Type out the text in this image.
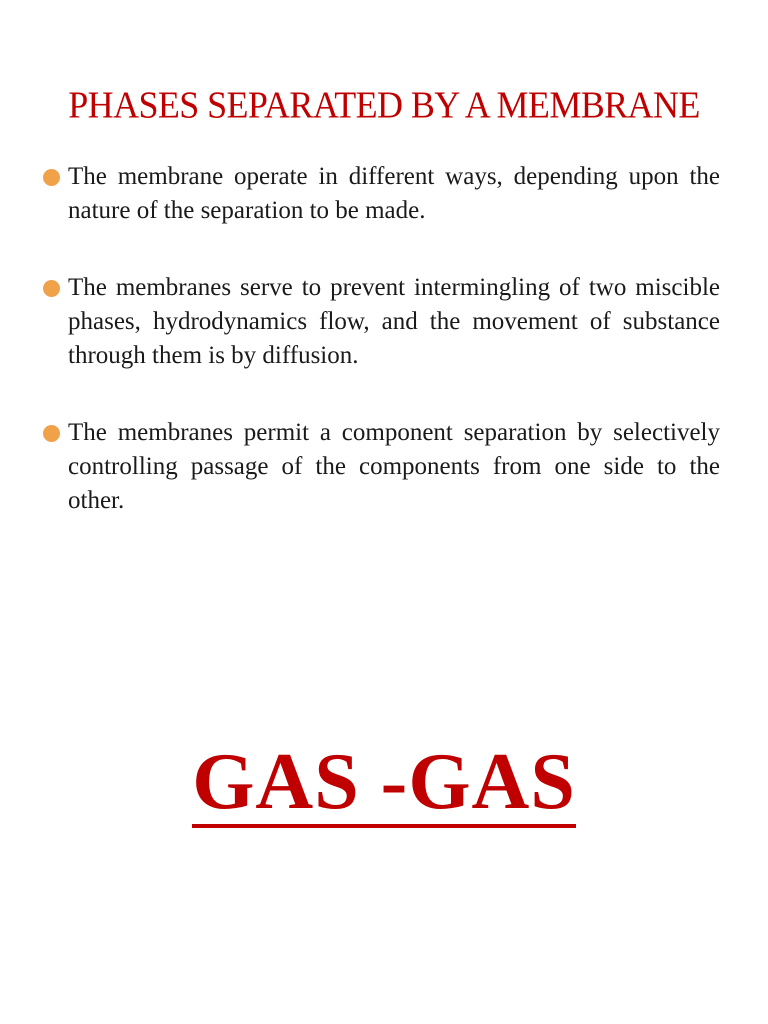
PHASES SEPARATED BY A MEMBRANE
The membrane operate in different ways, depending upon the nature of the separation to be made.
The membranes serve to prevent intermingling of two miscible phases, hydrodynamics flow, and the movement of substance through them is by diffusion.
The membranes permit a component separation by selectively controlling passage of the components from one side to the other.
GAS -GAS
